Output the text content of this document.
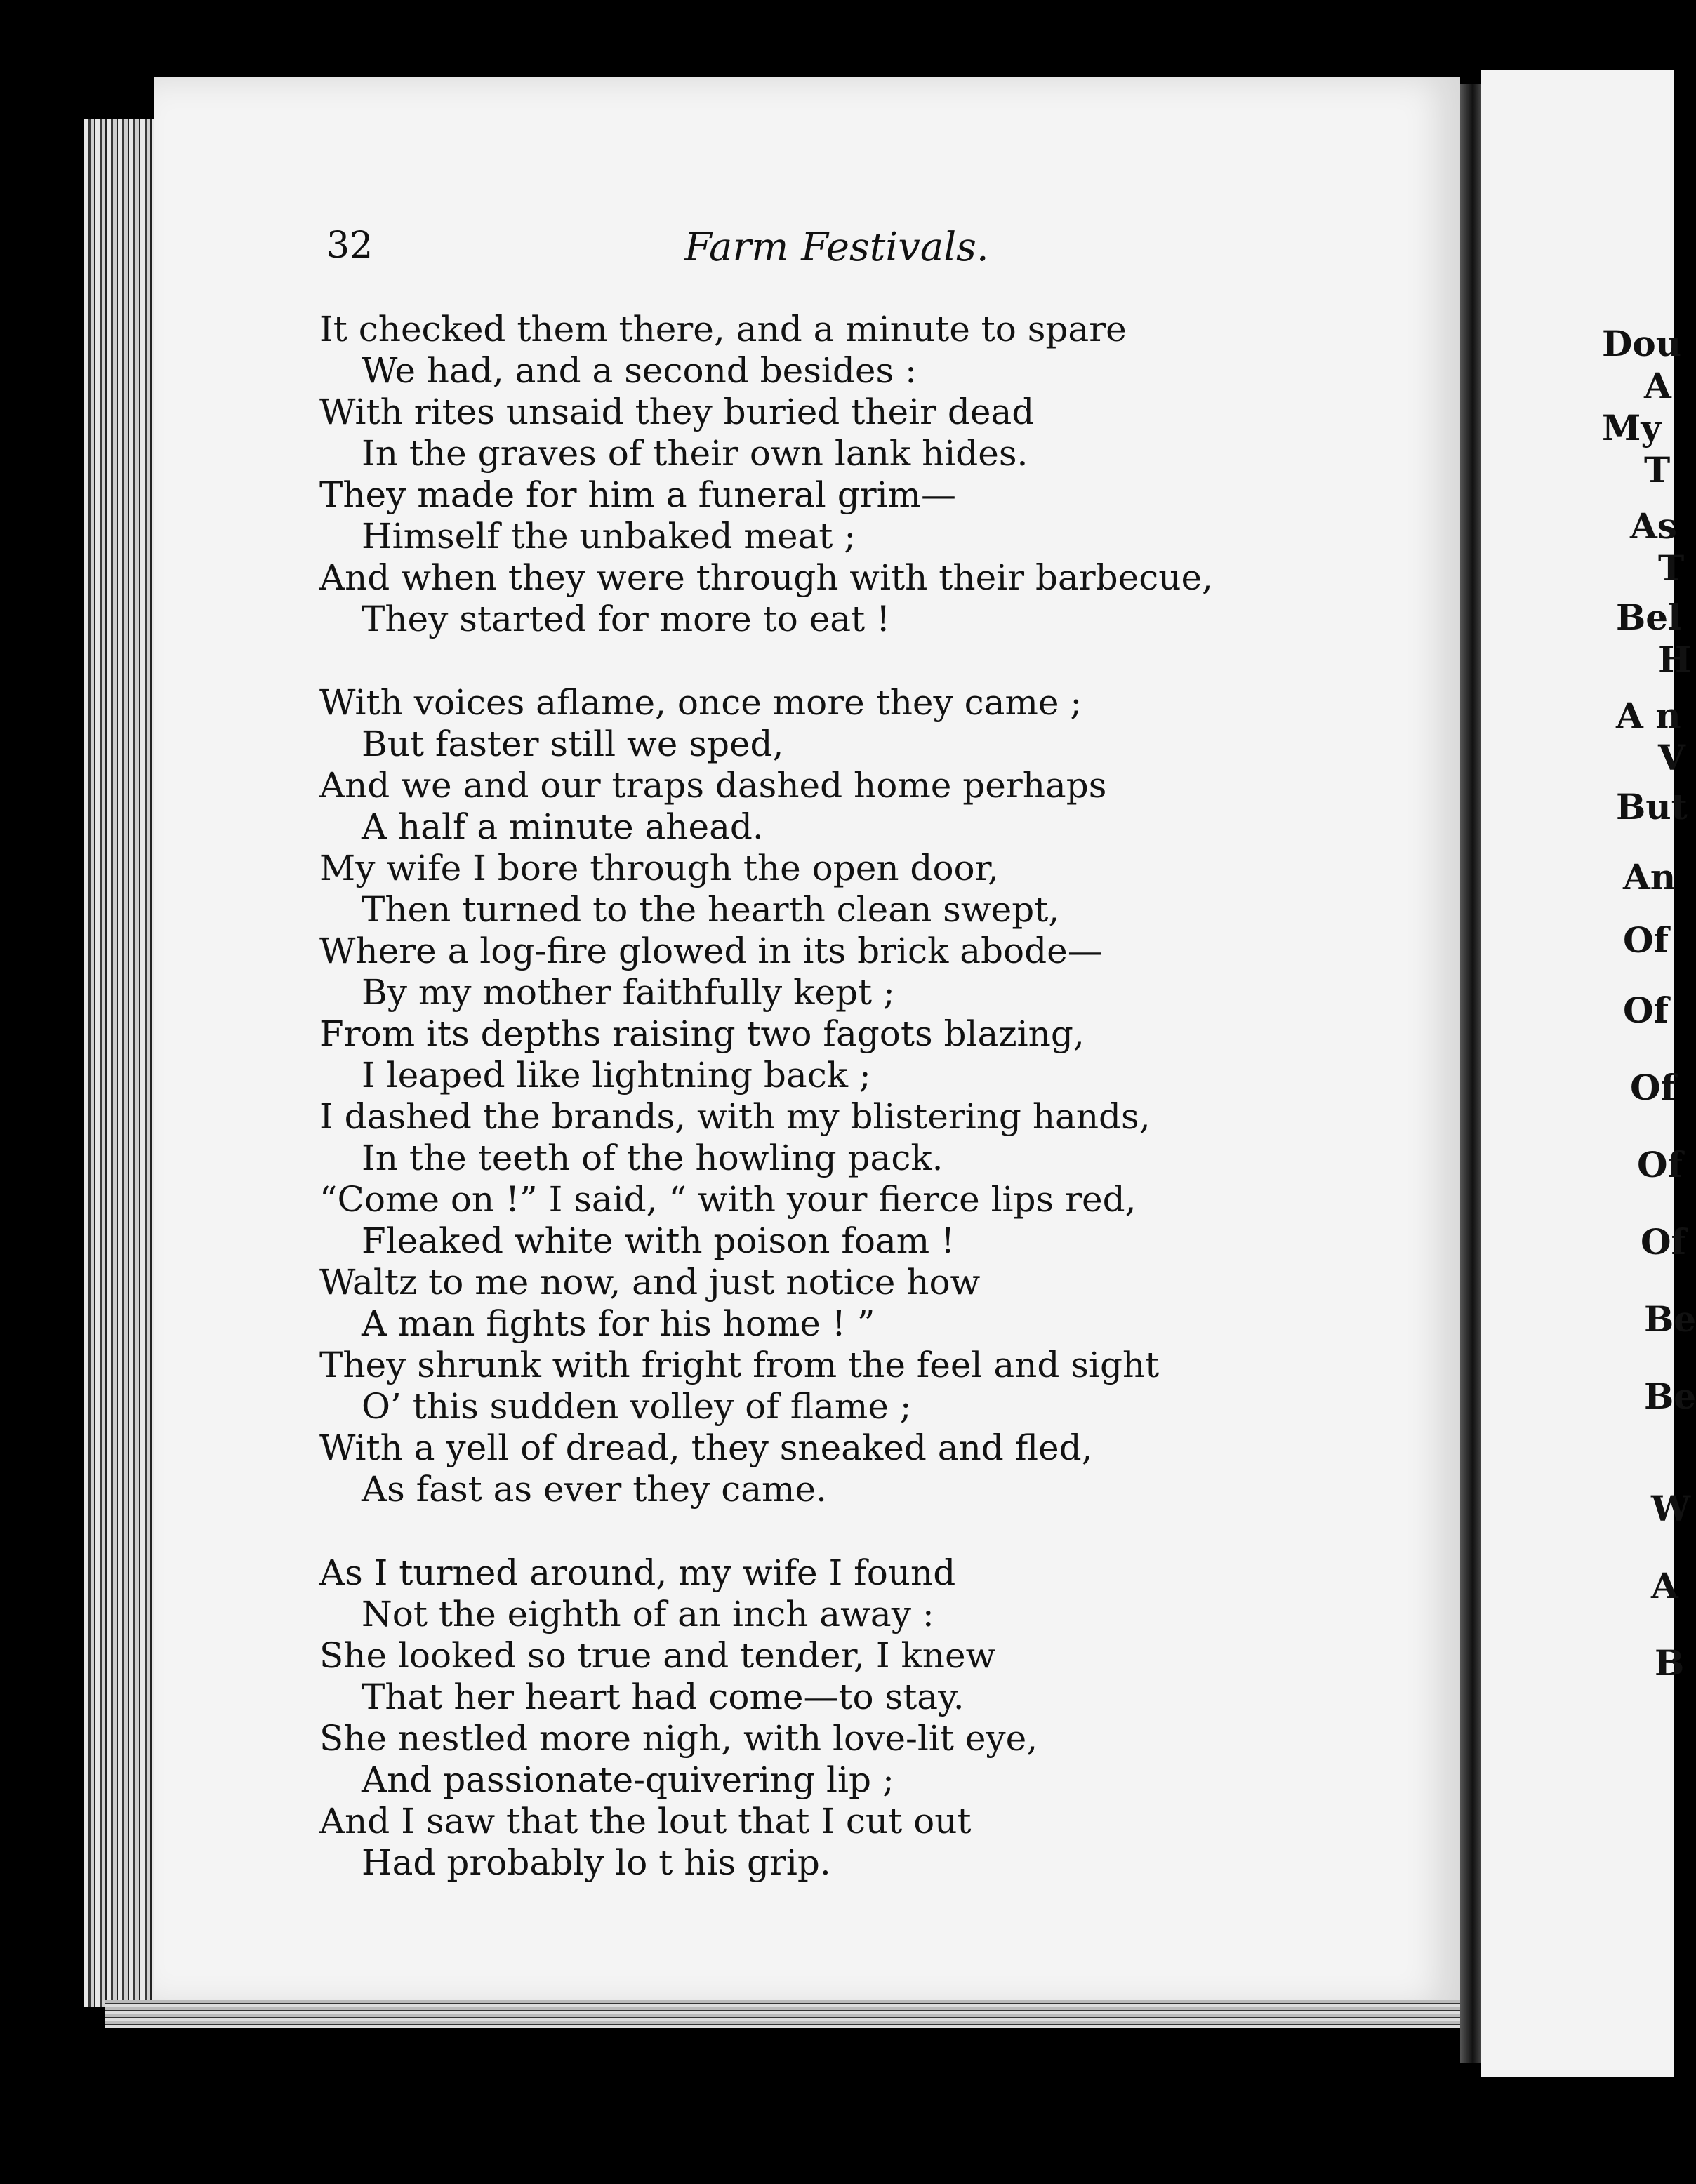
32	Farm Festivals.
It checked them there, and a minute to spare
We had, and a second besides :
With rites unsaid they buried their dead
In the graves of their own lank hides.
They made for him a funeral grim—
Himself the unbaked meat ;
And when they were through with their barbecue,
They started for more to eat !
With voices aflame, once more they came ;
But faster still we sped,
And we and our traps dashed home perhaps
A half a minute ahead.
My wife I bore through the open door,
Then turned to the hearth clean swept,
Where a log-fire glowed in its brick abode—
By my mother faithfully kept ;
From its depths raising two fagots blazing,
I leaped like lightning back ;
I dashed the brands, with my blistering hands,
In the teeth of the howling pack.
“Come on !” I said, “ with your fierce lips red,
Fleaked white with poison foam !
Waltz to me now, and just notice how
A man fights for his home ! ”
They shrunk with fright from the feel and sight
O’ this sudden volley of flame ;
With a yell of dread, they sneaked and fled,
As fast as ever they came.
As I turned around, my wife I found
Not the eighth of an inch away :
She looked so true and tender, I knew
That her heart had come—to stay.
She nestled more nigh, with love-lit eye,
And passionate-quivering lip ;
And I saw that the lout that I cut out
Had probably lo t his grip.
Dou
A
My
T
As
T
Bel
H
A n
V
But
An
Of
Of
Of
Of
Of
Be
Be
W
A
B
